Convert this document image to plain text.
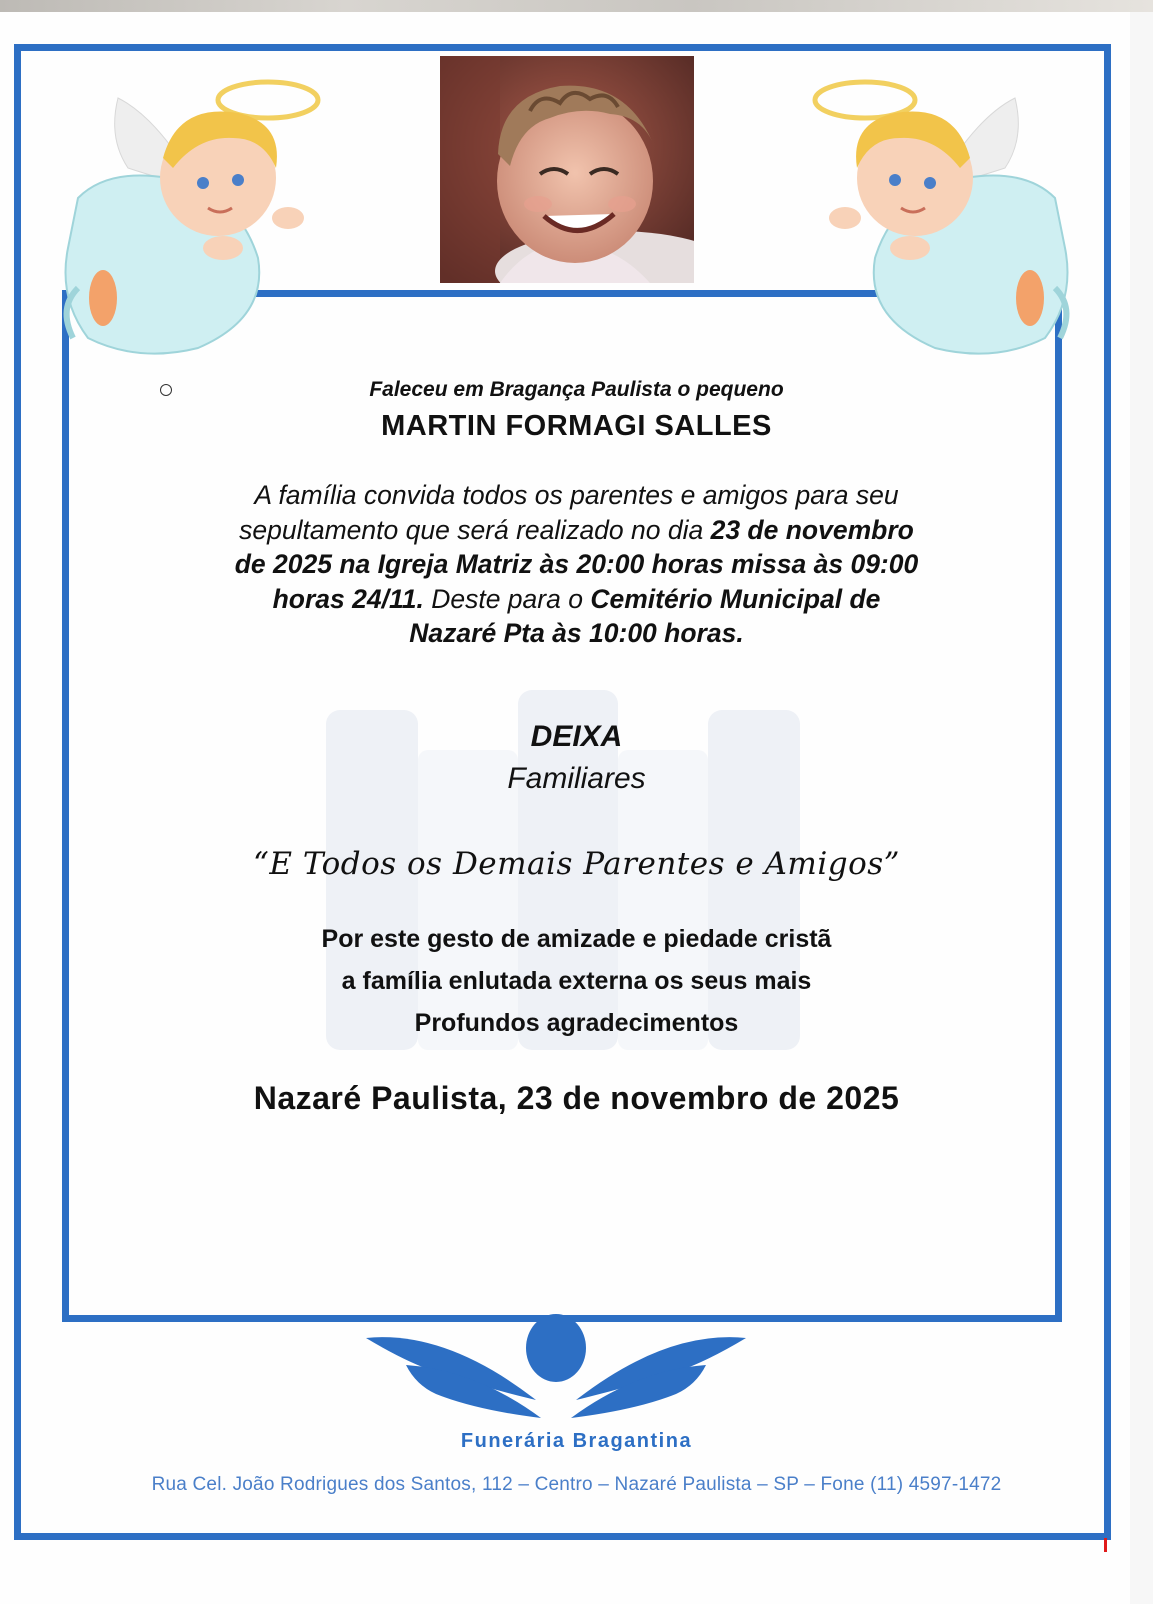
Faleceu em Bragança Paulista o pequeno
MARTIN FORMAGI SALLES
A família convida todos os parentes e amigos para seu
sepultamento que será realizado no dia 23 de novembro
de 2025 na Igreja Matriz às 20:00 horas missa às 09:00
horas 24/11. Deste para o Cemitério Municipal de
Nazaré Pta às 10:00 horas.
DEIXA
Familiares
“E Todos os Demais Parentes e Amigos”
Por este gesto de amizade e piedade cristã
a família enlutada externa os seus mais
Profundos agradecimentos
Nazaré Paulista, 23 de novembro de 2025
Funerária Bragantina
Rua Cel. João Rodrigues dos Santos, 112 – Centro – Nazaré Paulista – SP – Fone (11) 4597-1472
